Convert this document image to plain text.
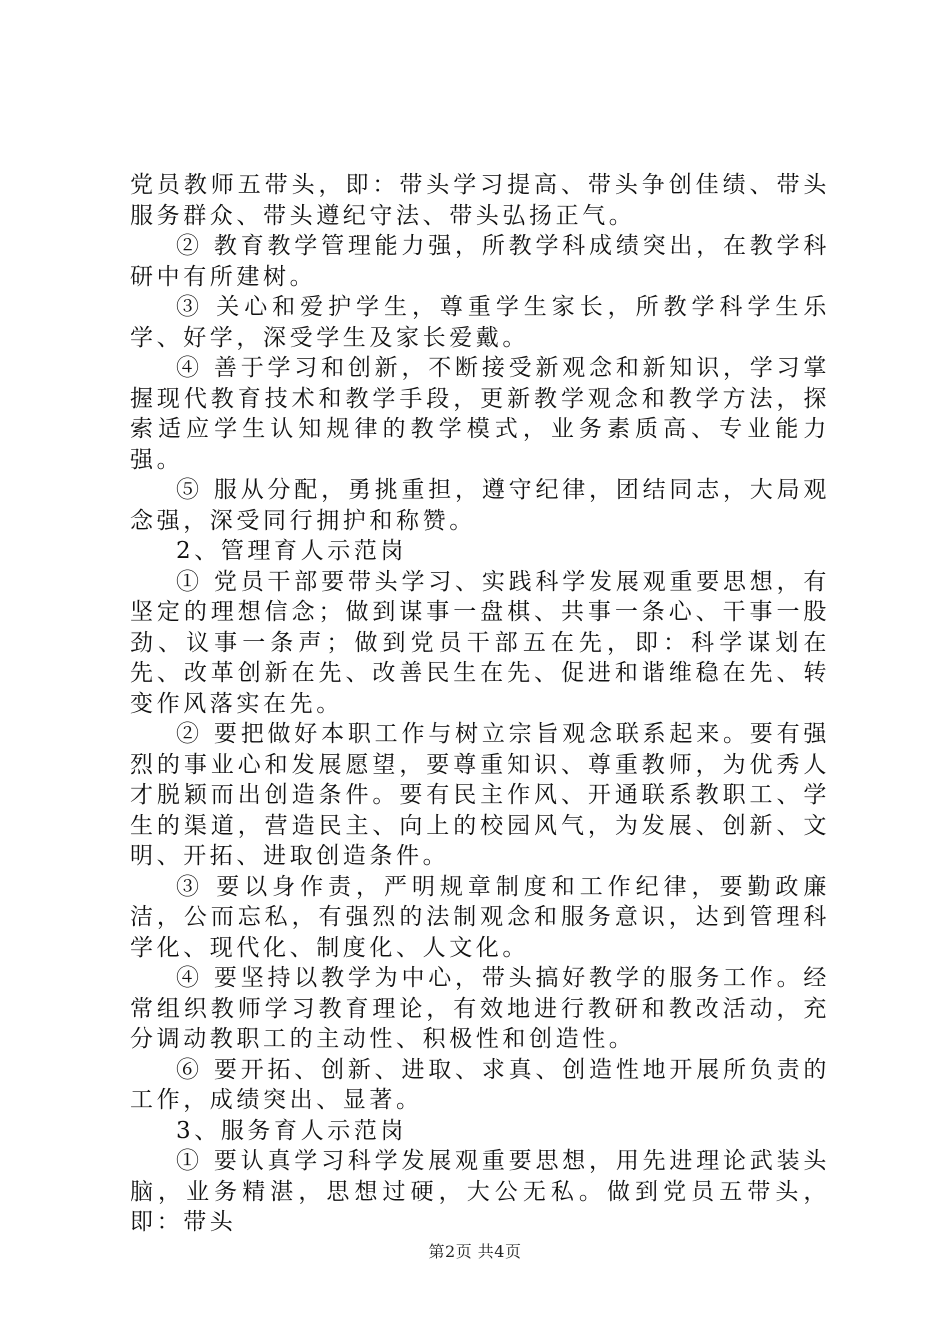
党员教师五带头，即：带头学习提高、带头争创佳绩、带头服务群众、带头遵纪守法、带头弘扬正气。

② 教育教学管理能力强，所教学科成绩突出，在教学科研中有所建树。

③ 关心和爱护学生，尊重学生家长，所教学科学生乐学、好学，深受学生及家长爱戴。

④ 善于学习和创新，不断接受新观念和新知识，学习掌握现代教育技术和教学手段，更新教学观念和教学方法，探索适应学生认知规律的教学模式，业务素质高、专业能力强。

⑤ 服从分配，勇挑重担，遵守纪律，团结同志，大局观念强，深受同行拥护和称赞。

2、管理育人示范岗

① 党员干部要带头学习、实践科学发展观重要思想，有坚定的理想信念；做到谋事一盘棋、共事一条心、干事一股劲、议事一条声；做到党员干部五在先，即：科学谋划在先、改革创新在先、改善民生在先、促进和谐维稳在先、转变作风落实在先。

② 要把做好本职工作与树立宗旨观念联系起来。要有强烈的事业心和发展愿望，要尊重知识、尊重教师，为优秀人才脱颖而出创造条件。要有民主作风、开通联系教职工、学生的渠道，营造民主、向上的校园风气，为发展、创新、文明、开拓、进取创造条件。

③ 要以身作责，严明规章制度和工作纪律，要勤政廉洁，公而忘私，有强烈的法制观念和服务意识，达到管理科学化、现代化、制度化、人文化。

④ 要坚持以教学为中心，带头搞好教学的服务工作。经常组织教师学习教育理论，有效地进行教研和教改活动，充分调动教职工的主动性、积极性和创造性。

⑥ 要开拓、创新、进取、求真、创造性地开展所负责的工作，成绩突出、显著。

3、服务育人示范岗

① 要认真学习科学发展观重要思想，用先进理论武装头脑，业务精湛，思想过硬，大公无私。做到党员五带头，即：带头

第2页 共4页
